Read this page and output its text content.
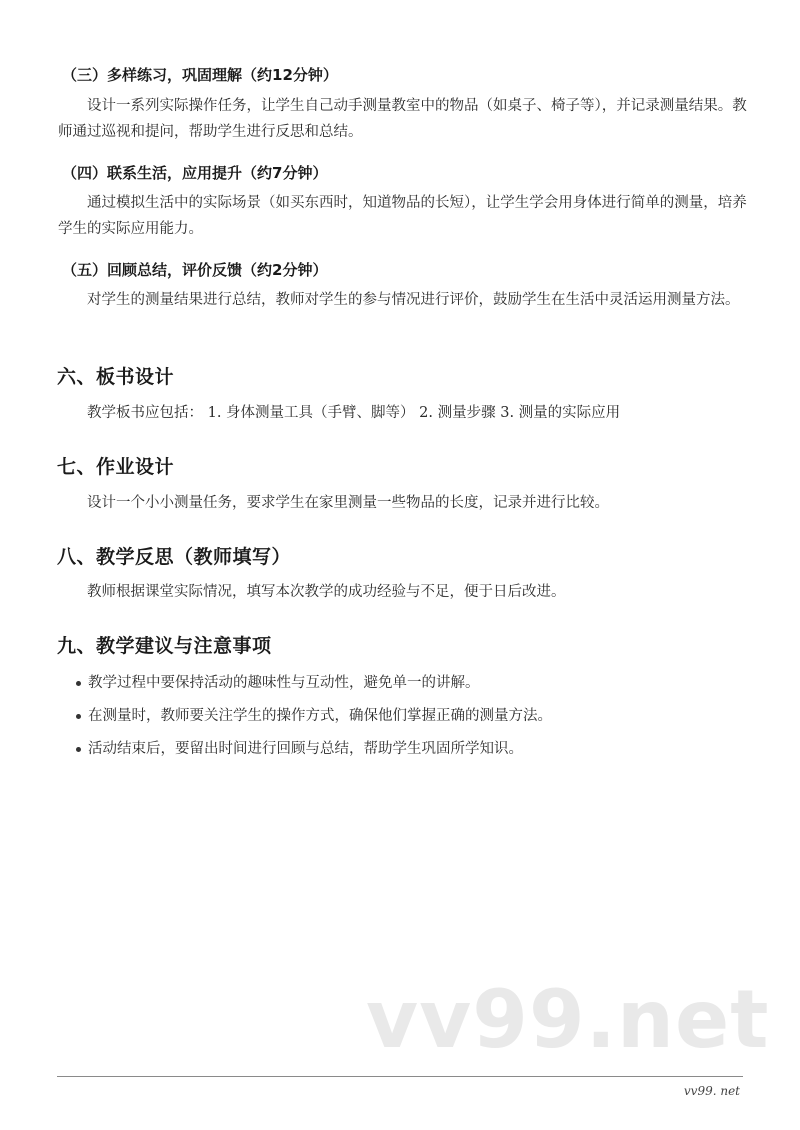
（三）多样练习，巩固理解（约12分钟）
设计一系列实际操作任务，让学生自己动手测量教室中的物品（如桌子、椅子等），并记录测量结果。教师通过巡视和提问，帮助学生进行反思和总结。
（四）联系生活，应用提升（约7分钟）
通过模拟生活中的实际场景（如买东西时，知道物品的长短），让学生学会用身体进行简单的测量，培养学生的实际应用能力。
（五）回顾总结，评价反馈（约2分钟）
对学生的测量结果进行总结，教师对学生的参与情况进行评价，鼓励学生在生活中灵活运用测量方法。
六、板书设计
教学板书应包括： 1. 身体测量工具（手臂、脚等） 2. 测量步骤 3. 测量的实际应用
七、作业设计
设计一个小小测量任务，要求学生在家里测量一些物品的长度，记录并进行比较。
八、教学反思（教师填写）
教师根据课堂实际情况，填写本次教学的成功经验与不足，便于日后改进。
九、教学建议与注意事项
教学过程中要保持活动的趣味性与互动性，避免单一的讲解。
在测量时，教师要关注学生的操作方式，确保他们掌握正确的测量方法。
活动结束后，要留出时间进行回顾与总结，帮助学生巩固所学知识。
vv99.net
vv99. net
